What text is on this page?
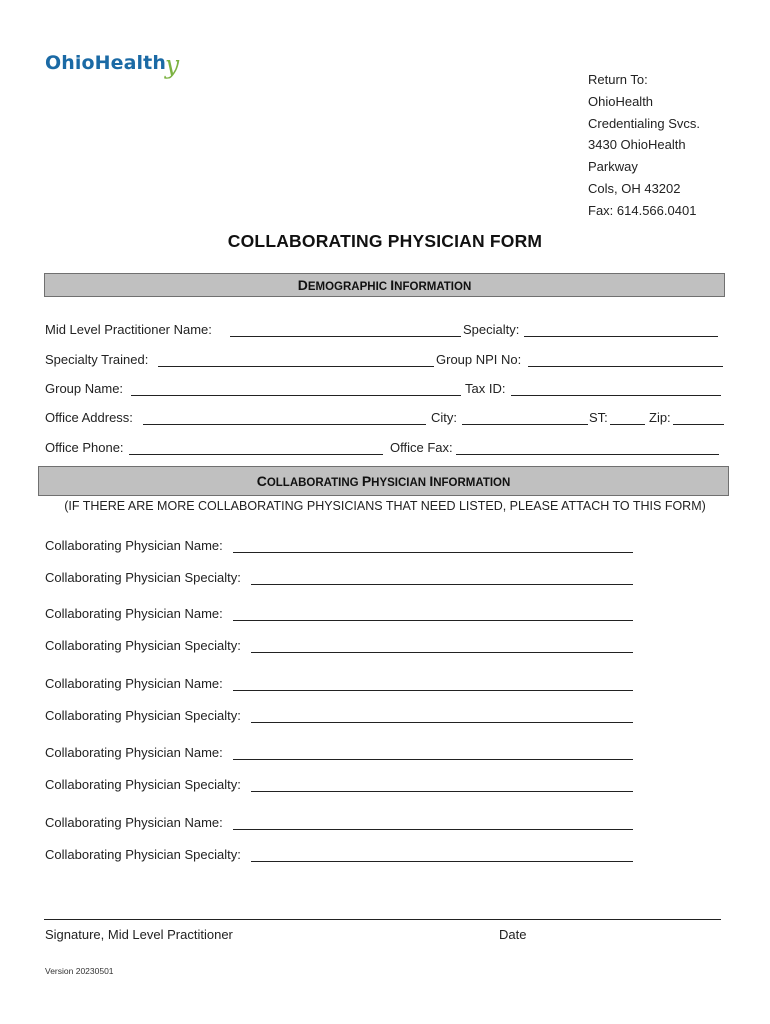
OhioHealthy
Return To:
OhioHealth
Credentialing Svcs.
3430 OhioHealth
Parkway
Cols, OH 43202
Fax: 614.566.0401
COLLABORATING PHYSICIAN FORM
DEMOGRAPHIC INFORMATION
Mid Level Practitioner Name:	Specialty:
Specialty Trained:	Group NPI No:
Group Name:	Tax ID:
Office Address:	City:	ST:	Zip:
Office Phone:	Office Fax:
COLLABORATING PHYSICIAN INFORMATION
(IF THERE ARE MORE COLLABORATING PHYSICIANS THAT NEED LISTED, PLEASE ATTACH TO THIS FORM)
Collaborating Physician Name:
Collaborating Physician Specialty:
Collaborating Physician Name:
Collaborating Physician Specialty:
Collaborating Physician Name:
Collaborating Physician Specialty:
Collaborating Physician Name:
Collaborating Physician Specialty:
Collaborating Physician Name:
Collaborating Physician Specialty:
Signature, Mid Level Practitioner	Date
Version 20230501
